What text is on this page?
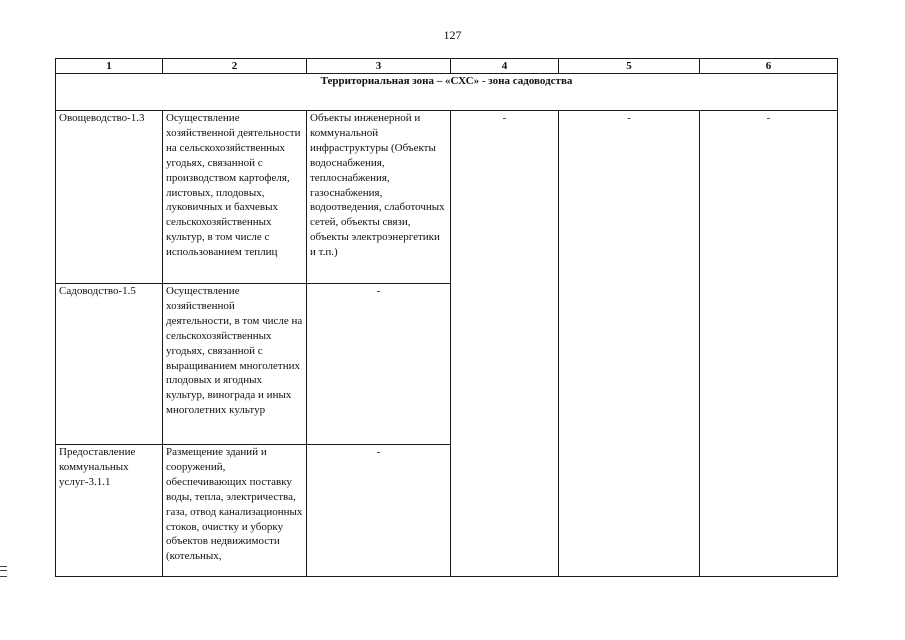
127
1	2	3	4	5	6
Территориальная зона – «СХС» - зона садоводства					
Овощеводство-1.3	Осуществление хозяйственной деятельности на сельскохозяйственных угодьях, связанной с производством картофеля, листовых, плодовых, луковичных и бахчевых сельскохозяйственных культур, в том числе с использованием теплиц	Объекты инженерной и коммунальной инфраструктуры (Объекты водоснабжения, теплоснабжения, газоснабжения, водоотведения, слаботочных сетей, объекты связи, объекты электроэнергетики и т.п.)	-	-	-
Садоводство-1.5	Осуществление хозяйственной деятельности, в том числе на сельскохозяйственных угодьях, связанной с выращиванием многолетних плодовых и ягодных культур, винограда и иных многолетних культур	-			
Предоставление коммунальных услуг-3.1.1	Размещение зданий и сооружений, обеспечивающих поставку воды, тепла, электричества, газа, отвод канализационных стоков, очистку и уборку объектов недвижимости (котельных,	-			
